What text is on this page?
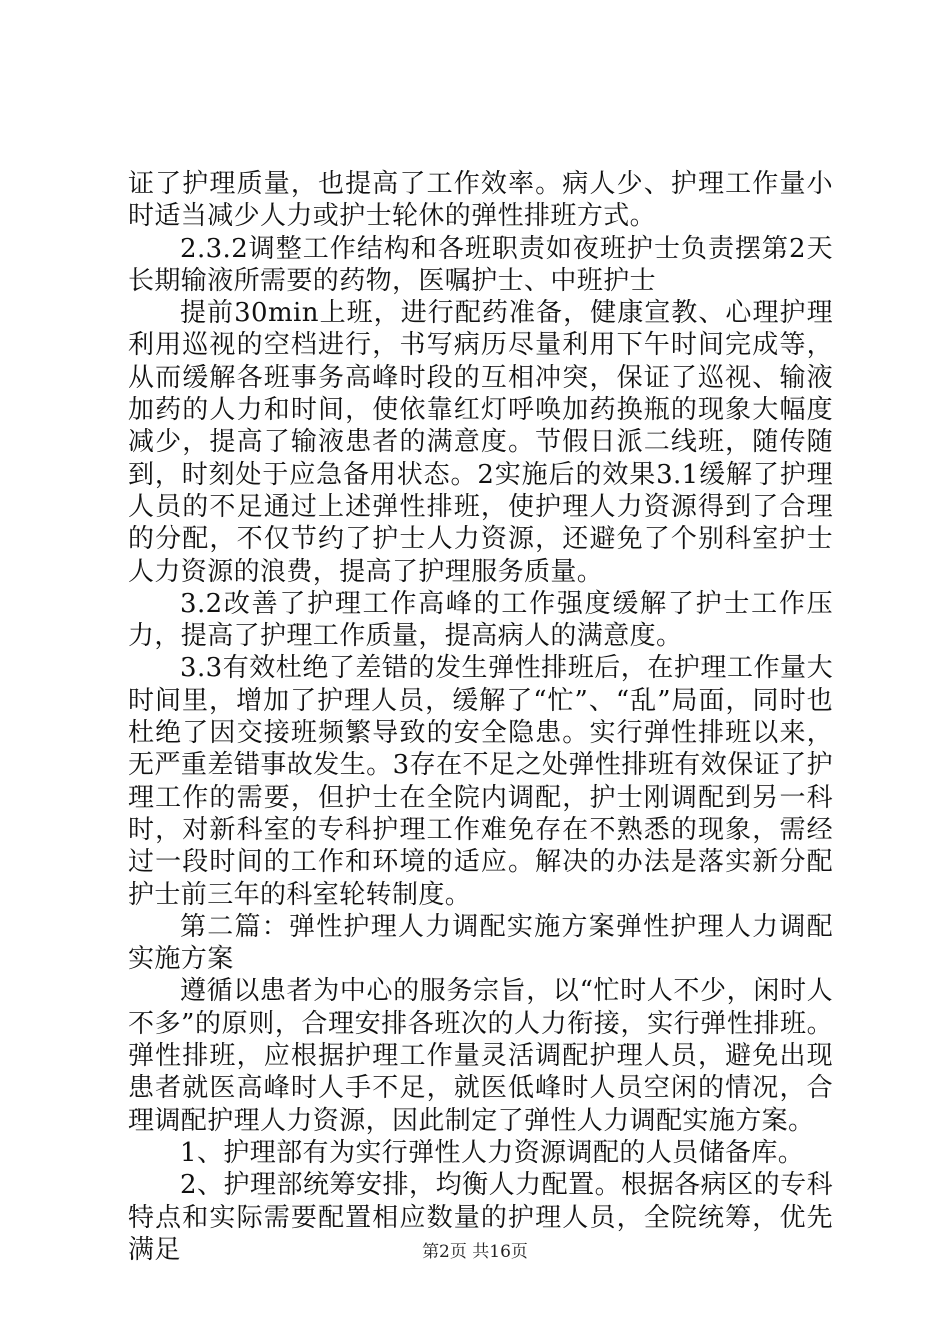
证了护理质量，也提高了工作效率。病人少、护理工作量小时适当减少人力或护士轮休的弹性排班方式。

2.3.2调整工作结构和各班职责如夜班护士负责摆第2天长期输液所需要的药物，医嘱护士、中班护士

提前30min上班，进行配药准备，健康宣教、心理护理利用巡视的空档进行，书写病历尽量利用下午时间完成等，从而缓解各班事务高峰时段的互相冲突，保证了巡视、输液加药的人力和时间，使依靠红灯呼唤加药换瓶的现象大幅度减少，提高了输液患者的满意度。节假日派二线班，随传随到，时刻处于应急备用状态。2实施后的效果3.1缓解了护理人员的不足通过上述弹性排班，使护理人力资源得到了合理的分配，不仅节约了护士人力资源，还避免了个别科室护士人力资源的浪费，提高了护理服务质量。

3.2改善了护理工作高峰的工作强度缓解了护士工作压力，提高了护理工作质量，提高病人的满意度。

3.3有效杜绝了差错的发生弹性排班后，在护理工作量大时间里，增加了护理人员，缓解了“忙”、“乱”局面，同时也杜绝了因交接班频繁导致的安全隐患。实行弹性排班以来，无严重差错事故发生。3存在不足之处弹性排班有效保证了护理工作的需要，但护士在全院内调配，护士刚调配到另一科时，对新科室的专科护理工作难免存在不熟悉的现象，需经过一段时间的工作和环境的适应。解决的办法是落实新分配护士前三年的科室轮转制度。

第二篇：弹性护理人力调配实施方案弹性护理人力调配实施方案

遵循以患者为中心的服务宗旨，以“忙时人不少，闲时人不多”的原则，合理安排各班次的人力衔接，实行弹性排班。弹性排班，应根据护理工作量灵活调配护理人员，避免出现患者就医高峰时人手不足，就医低峰时人员空闲的情况，合理调配护理人力资源，因此制定了弹性人力调配实施方案。

1、护理部有为实行弹性人力资源调配的人员储备库。

2、护理部统筹安排，均衡人力配置。根据各病区的专科特点和实际需要配置相应数量的护理人员，全院统筹，优先满足	第2页 共16页
